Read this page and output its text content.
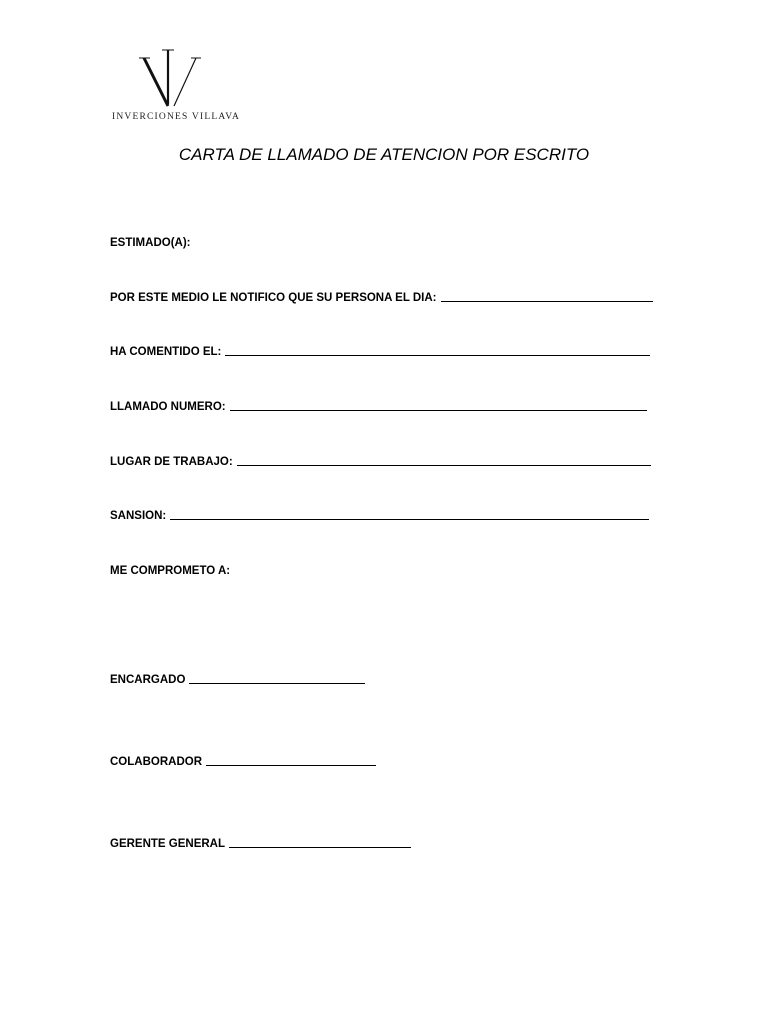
INVERCIONES VILLAVA
CARTA DE LLAMADO DE ATENCION POR ESCRITO
ESTIMADO(A):
POR ESTE MEDIO LE NOTIFICO QUE SU PERSONA EL DIA:
HA COMENTIDO EL:
LLAMADO NUMERO:
LUGAR DE TRABAJO:
SANSION:
ME COMPROMETO A:
ENCARGADO
COLABORADOR
GERENTE GENERAL
